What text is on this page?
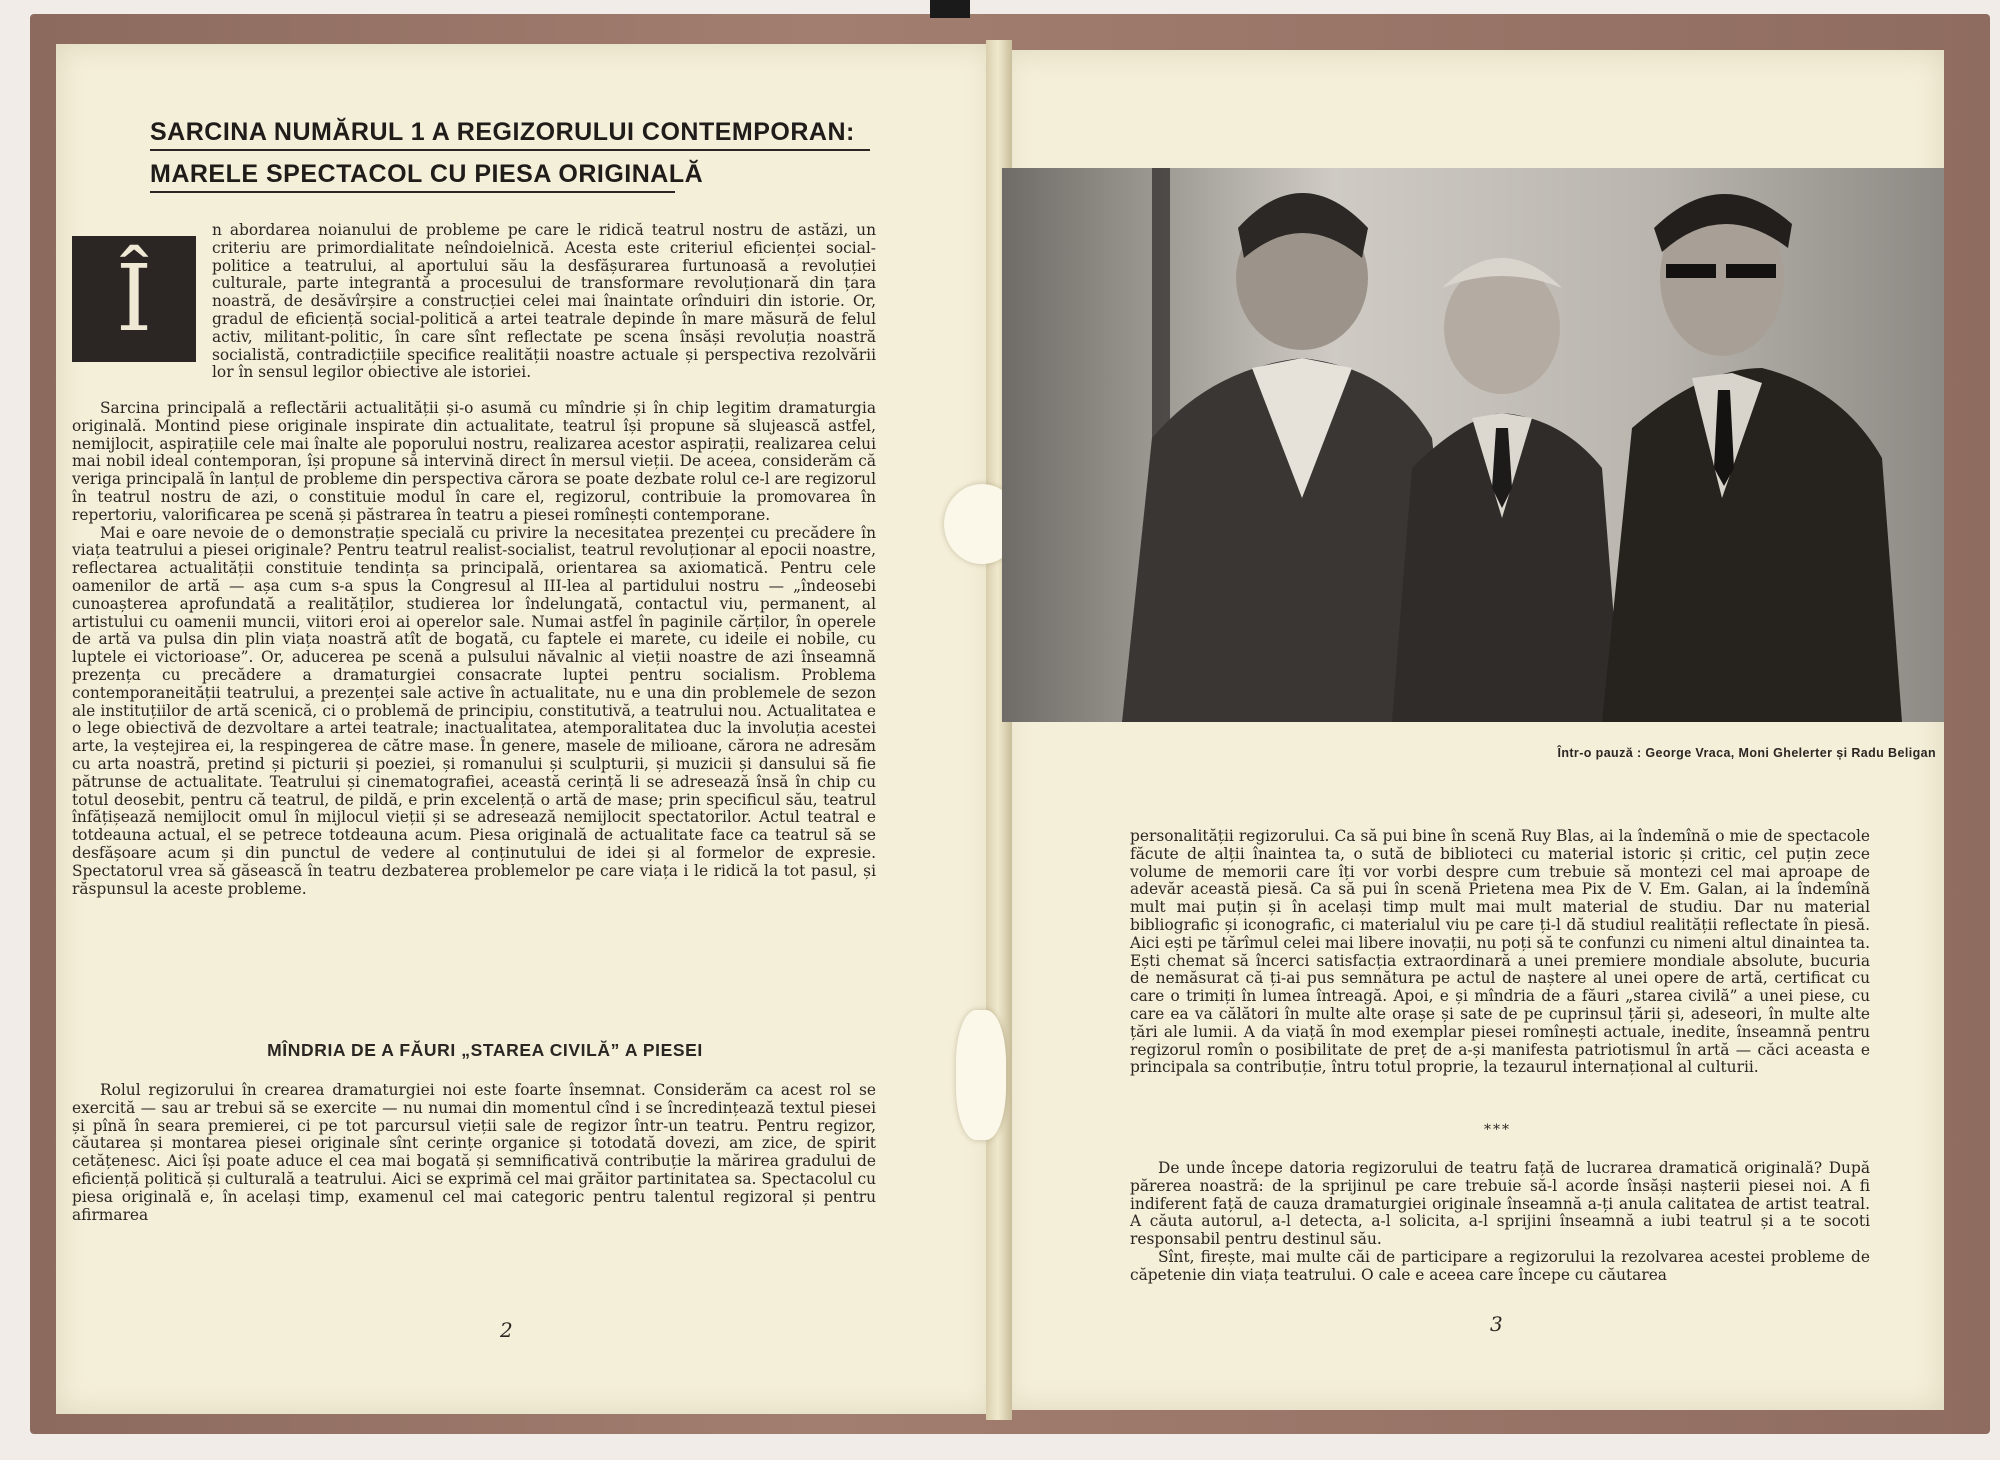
SARCINA NUMĂRUL 1 A REGIZORULUI CONTEMPORAN:
MARELE SPECTACOL CU PIESA ORIGINALĂ
Î

n abordarea noianului de probleme pe care le ridică teatrul nostru de astăzi, un criteriu are primordialitate neîndoielnică. Acesta este criteriul eficienței social-politice a teatrului, al aportului său la desfășurarea furtunoasă a revoluției culturale, parte integrantă a procesului de transformare revoluționară din țara noastră, de desăvîrșire a construcției celei mai înaintate orînduiri din istorie. Or, gradul de eficiență social-politică a artei teatrale depinde în mare măsură de felul activ, militant-politic, în care sînt reflectate pe scena însăși revoluția noastră socialistă, contradicțiile specifice realității noastre actuale și perspectiva rezolvării lor în sensul legilor obiective ale istoriei.

Sarcina principală a reflectării actualității și-o asumă cu mîndrie și în chip legitim dramaturgia originală. Montind piese originale inspirate din actualitate, teatrul își propune să slujească astfel, nemijlocit, aspirațiile cele mai înalte ale poporului nostru, realizarea acestor aspirații, realizarea celui mai nobil ideal contemporan, își propune să intervină direct în mersul vieții. De aceea, considerăm că veriga principală în lanțul de probleme din perspectiva cărora se poate dezbate rolul ce-l are regizorul în teatrul nostru de azi, o constituie modul în care el, regizorul, contribuie la promovarea în repertoriu, valorificarea pe scenă și păstrarea în teatru a piesei romînești contemporane.

Mai e oare nevoie de o demonstrație specială cu privire la necesitatea prezenței cu precădere în viața teatrului a piesei originale? Pentru teatrul realist-socialist, teatrul revoluționar al epocii noastre, reflectarea actualității constituie tendința sa principală, orientarea sa axiomatică. Pentru cele oamenilor de artă — așa cum s-a spus la Congresul al III-lea al partidului nostru — „îndeosebi cunoașterea aprofundată a realităților, studierea lor îndelungată, contactul viu, permanent, al artistului cu oamenii muncii, viitori eroi ai operelor sale. Numai astfel în paginile cărților, în operele de artă va pulsa din plin viața noastră atît de bogată, cu faptele ei marete, cu ideile ei nobile, cu luptele ei victorioase”. Or, aducerea pe scenă a pulsului năvalnic al vieții noastre de azi înseamnă prezența cu precădere a dramaturgiei consacrate luptei pentru socialism. Problema contemporaneității teatrului, a prezenței sale active în actualitate, nu e una din problemele de sezon ale instituțiilor de artă scenică, ci o problemă de principiu, constitutivă, a teatrului nou. Actualitatea e o lege obiectivă de dezvoltare a artei teatrale; inactualitatea, atemporalitatea duc la involuția acestei arte, la veștejirea ei, la respingerea de către mase. În genere, masele de milioane, cărora ne adresăm cu arta noastră, pretind și picturii și poeziei, și romanului și sculpturii, și muzicii și dansului să fie pătrunse de actualitate. Teatrului și cinematografiei, această cerință li se adresează însă în chip cu totul deosebit, pentru că teatrul, de pildă, e prin excelență o artă de mase; prin specificul său, teatrul înfățișează nemijlocit omul în mijlocul vieții și se adresează nemijlocit spectatorilor. Actul teatral e totdeauna actual, el se petrece totdeauna acum. Piesa originală de actualitate face ca teatrul să se desfășoare acum și din punctul de vedere al conținutului de idei și al formelor de expresie. Spectatorul vrea să găsească în teatru dezbaterea problemelor pe care viața i le ridică la tot pasul, și răspunsul la aceste probleme.

MÎNDRIA DE A FĂURI „STAREA CIVILĂ” A PIESEI

Rolul regizorului în crearea dramaturgiei noi este foarte însemnat. Considerăm ca acest rol se exercită — sau ar trebui să se exercite — nu numai din momentul cînd i se încredințează textul piesei și pînă în seara premierei, ci pe tot parcursul vieții sale de regizor într-un teatru. Pentru regizor, căutarea și montarea piesei originale sînt cerințe organice și totodată dovezi, am zice, de spirit cetățenesc. Aici își poate aduce el cea mai bogată și semnificativă contribuție la mărirea gradului de eficiență politică și culturală a teatrului. Aici se exprimă cel mai grăitor partinitatea sa. Spectacolul cu piesa originală e, în același timp, examenul cel mai categoric pentru talentul regizoral și pentru afirmarea

2
Într-o pauză : George Vraca, Moni Ghelerter și Radu Beligan

personalității regizorului. Ca să pui bine în scenă Ruy Blas, ai la îndemînă o mie de spectacole făcute de alții înaintea ta, o sută de biblioteci cu material istoric și critic, cel puțin zece volume de memorii care îți vor vorbi despre cum trebuie să montezi cel mai aproape de adevăr această piesă. Ca să pui în scenă Prietena mea Pix de V. Em. Galan, ai la îndemînă mult mai puțin și în același timp mult mai mult material de studiu. Dar nu material bibliografic și iconografic, ci materialul viu pe care ți-l dă studiul realității reflectate în piesă. Aici ești pe tărîmul celei mai libere inovații, nu poți să te confunzi cu nimeni altul dinaintea ta. Ești chemat să încerci satisfacția extraordinară a unei premiere mondiale absolute, bucuria de nemăsurat că ți-ai pus semnătura pe actul de naștere al unei opere de artă, certificat cu care o trimiți în lumea întreagă. Apoi, e și mîndria de a făuri „starea civilă” a unei piese, cu care ea va călători în multe alte orașe și sate de pe cuprinsul țării și, adeseori, în multe alte țări ale lumii. A da viață în mod exemplar piesei romînești actuale, inedite, înseamnă pentru regizorul romîn o posibilitate de preț de a-și manifesta patriotismul în artă — căci aceasta e principala sa contribuție, întru totul proprie, la tezaurul internațional al culturii.

***

De unde începe datoria regizorului de teatru față de lucrarea dramatică originală? După părerea noastră: de la sprijinul pe care trebuie să-l acorde însăși nașterii piesei noi. A fi indiferent față de cauza dramaturgiei originale înseamnă a-ți anula calitatea de artist teatral. A căuta autorul, a-l detecta, a-l solicita, a-l sprijini înseamnă a iubi teatrul și a te socoti responsabil pentru destinul său.

Sînt, firește, mai multe căi de participare a regizorului la rezolvarea acestei probleme de căpetenie din viața teatrului. O cale e aceea care începe cu căutarea

3
